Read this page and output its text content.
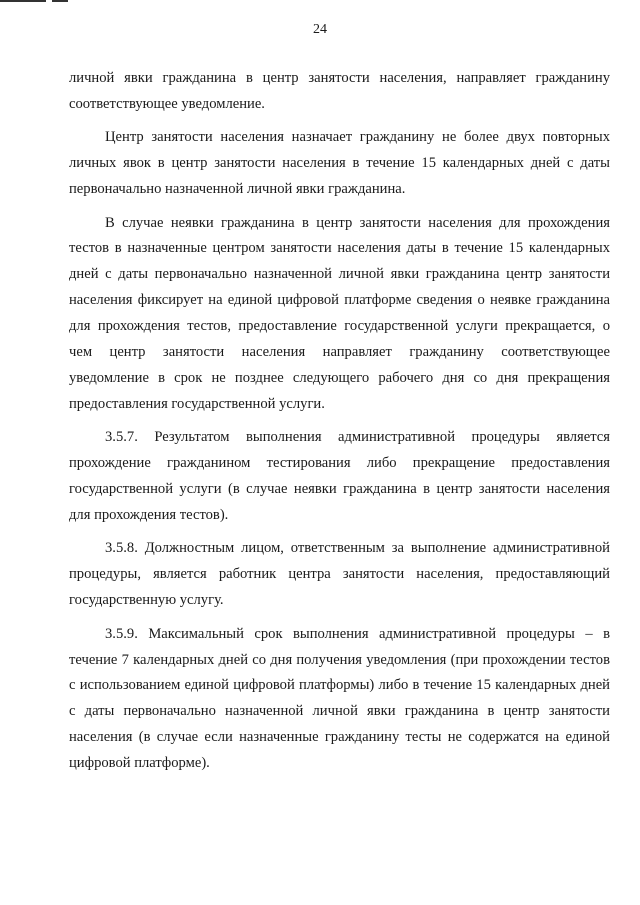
24

личной явки гражданина в центр занятости населения, направляет гражданину соответствующее уведомление.

Центр занятости населения назначает гражданину не более двух повторных личных явок в центр занятости населения в течение 15 календарных дней с даты первоначально назначенной личной явки гражданина.

В случае неявки гражданина в центр занятости населения для прохождения тестов в назначенные центром занятости населения даты в течение 15 календарных дней с даты первоначально назначенной личной явки гражданина центр занятости населения фиксирует на единой цифровой платформе сведения о неявке гражданина для прохождения тестов, предоставление государственной услуги прекращается, о чем центр занятости населения направляет гражданину соответствующее уведомление в срок не позднее следующего рабочего дня со дня прекращения предоставления государственной услуги.

3.5.7. Результатом выполнения административной процедуры является прохождение гражданином тестирования либо прекращение предоставления государственной услуги (в случае неявки гражданина в центр занятости населения для прохождения тестов).

3.5.8. Должностным лицом, ответственным за выполнение административной процедуры, является работник центра занятости населения, предоставляющий государственную услугу.

3.5.9. Максимальный срок выполнения административной процедуры – в течение 7 календарных дней со дня получения уведомления (при прохождении тестов с использованием единой цифровой платформы) либо в течение 15 календарных дней с даты первоначально назначенной личной явки гражданина в центр занятости населения (в случае если назначенные гражданину тесты не содержатся на единой цифровой платформе).
